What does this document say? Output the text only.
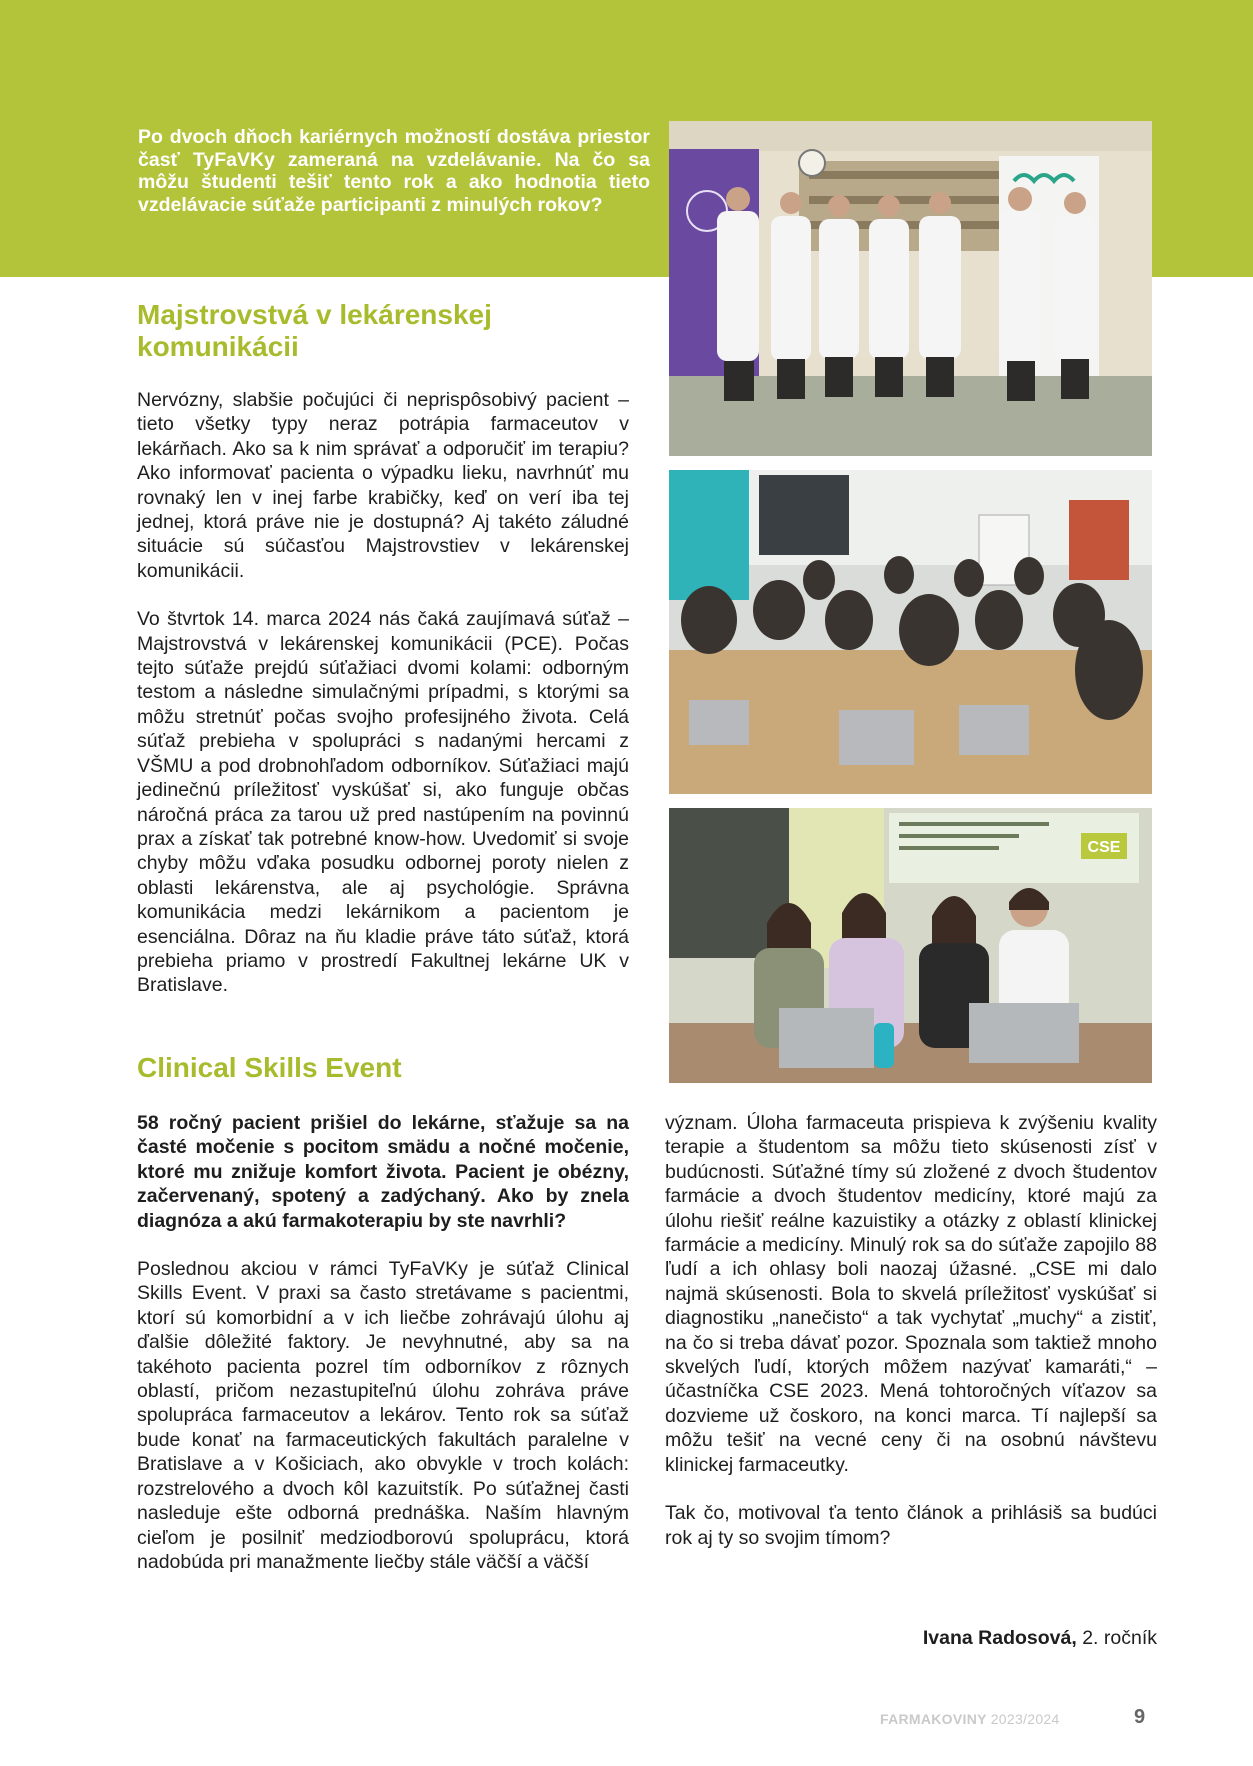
Po dvoch dňoch kariérnych možností dostáva priestor časť TyFaVKy zameraná na vzdelávanie. Na čo sa môžu študenti tešiť tento rok a ako hodnotia tieto vzdelávacie súťaže participanti z minulých rokov?

CSE
Majstrovstvá v lekárenskej komunikácii

Nervózny, slabšie počujúci či neprispôsobivý pacient – tieto všetky typy neraz potrápia farmaceutov v lekárňach. Ako sa k nim správať a odporučiť im terapiu? Ako informovať pacienta o výpadku lieku, navrhnúť mu rovnaký len v inej farbe krabičky, keď on verí iba tej jednej, ktorá práve nie je dostupná? Aj takéto záludné situácie sú súčasťou Majstrovstiev v lekárenskej komunikácii.

Vo štvrtok 14. marca 2024 nás čaká zaujímavá súťaž – Majstrovstvá v lekárenskej komunikácii (PCE). Počas tejto súťaže prejdú súťažiaci dvomi kolami: odborným testom a následne simulačnými prípadmi, s ktorými sa môžu stretnúť počas svojho profesijného života. Celá súťaž prebieha v spolupráci s nadanými hercami z VŠMU a pod drobnohľadom odborníkov. Súťažiaci majú jedinečnú príležitosť vyskúšať si, ako funguje občas náročná práca za tarou už pred nastúpením na povinnú prax a získať tak potrebné know-how. Uvedomiť si svoje chyby môžu vďaka posudku odbornej poroty nielen z oblasti lekárenstva, ale aj psychológie. Správna komunikácia medzi lekárnikom a pacientom je esenciálna. Dôraz na ňu kladie práve táto súťaž, ktorá prebieha priamo v prostredí Fakultnej lekárne UK v Bratislave.

Clinical Skills Event

58 ročný pacient prišiel do lekárne, sťažuje sa na časté močenie s pocitom smädu a nočné močenie, ktoré mu znižuje komfort života. Pacient je obézny, začervenaný, spotený a zadýchaný. Ako by znela diagnóza a akú farmakoterapiu by ste navrhli?

Poslednou akciou v rámci TyFaVKy je súťaž Clinical Skills Event. V praxi sa často stretávame s pacientmi, ktorí sú komorbidní a v ich liečbe zohrávajú úlohu aj ďalšie dôležité faktory. Je nevyhnutné, aby sa na takéhoto pacienta pozrel tím odborníkov z rôznych oblastí, pričom nezastupiteľnú úlohu zohráva práve spolupráca farmaceutov a lekárov. Tento rok sa súťaž bude konať na farmaceutických fakultách paralelne v Bratislave a v Košiciach, ako obvykle v troch kolách: rozstrelového a dvoch kôl kazuitstík. Po súťažnej časti nasleduje ešte odborná prednáška. Naším hlavným cieľom je posilniť medziodborovú spoluprácu, ktorá nadobúda pri manažmente liečby stále väčší a väčší

význam. Úloha farmaceuta prispieva k zvýšeniu kvality terapie a študentom sa môžu tieto skúsenosti zísť v budúcnosti. Súťažné tímy sú zložené z dvoch študentov farmácie a dvoch študentov medicíny, ktoré majú za úlohu riešiť reálne kazuistiky a otázky z oblastí klinickej farmácie a medicíny. Minulý rok sa do súťaže zapojilo 88 ľudí a ich ohlasy boli naozaj úžasné. „CSE mi dalo najmä skúsenosti. Bola to skvelá príležitosť vyskúšať si diagnostiku „nanečisto“ a tak vychytať „muchy“ a zistiť, na čo si treba dávať pozor. Spoznala som taktiež mnoho skvelých ľudí, ktorých môžem nazývať kamaráti,“ – účastníčka CSE 2023. Mená tohtoročných víťazov sa dozvieme už čoskoro, na konci marca. Tí najlepší sa môžu tešiť na vecné ceny či na osobnú návštevu klinickej farmaceutky.

Tak čo, motivoval ťa tento článok a prihlásiš sa budúci rok aj ty so svojim tímom?

Ivana Radosová, 2. ročník
FARMAKOVINY 2023/2024	9
